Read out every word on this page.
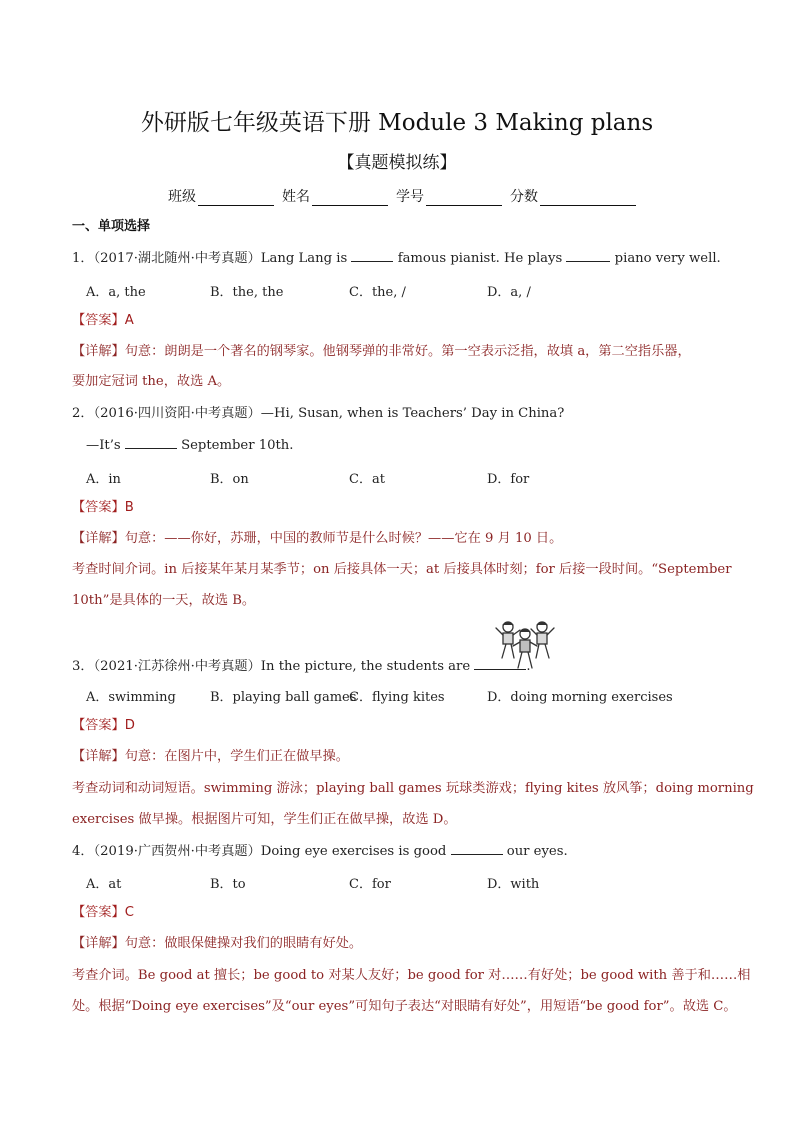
外研版七年级英语下册 Module 3 Making plans
【真题模拟练】
班级	姓名	学号	分数
一、单项选择
1．（2017·湖北随州·中考真题）Lang Lang is	famous pianist. He plays	piano very well.
A．a, the	B．the, the	C．the, /	D．a, /
【答案】A
【详解】句意：朗朗是一个著名的钢琴家。他钢琴弹的非常好。第一空表示泛指，故填 a，第二空指乐器，
要加定冠词 the，故选 A。
2．（2016·四川资阳·中考真题）—Hi, Susan, when is Teachers’ Day in China?
—It’s	September 10th.
A．in	B．on	C．at	D．for
【答案】B
【详解】句意：——你好，苏珊，中国的教师节是什么时候？——它在 9 月 10 日。
考查时间介词。in 后接某年某月某季节；on 后接具体一天；at 后接具体时刻；for 后接一段时间。“September
10th”是具体的一天，故选 B。
3．（2021·江苏徐州·中考真题）In the picture, the students are	.
A．swimming	B．playing ball games
C．flying kites	D．doing morning exercises
【答案】D
【详解】句意：在图片中，学生们正在做早操。
考查动词和动词短语。swimming 游泳；playing ball games 玩球类游戏；flying kites 放风筝；doing morning
exercises 做早操。根据图片可知，学生们正在做早操，故选 D。
4．（2019·广西贺州·中考真题）Doing eye exercises is good	our eyes.
A．at	B．to	C．for	D．with
【答案】C
【详解】句意：做眼保健操对我们的眼睛有好处。
考查介词。Be good at 擅长；be good to 对某人友好；be good for 对……有好处；be good with 善于和……相
处。根据“Doing eye exercises”及“our eyes”可知句子表达“对眼睛有好处”，用短语“be good for”。故选 C。
